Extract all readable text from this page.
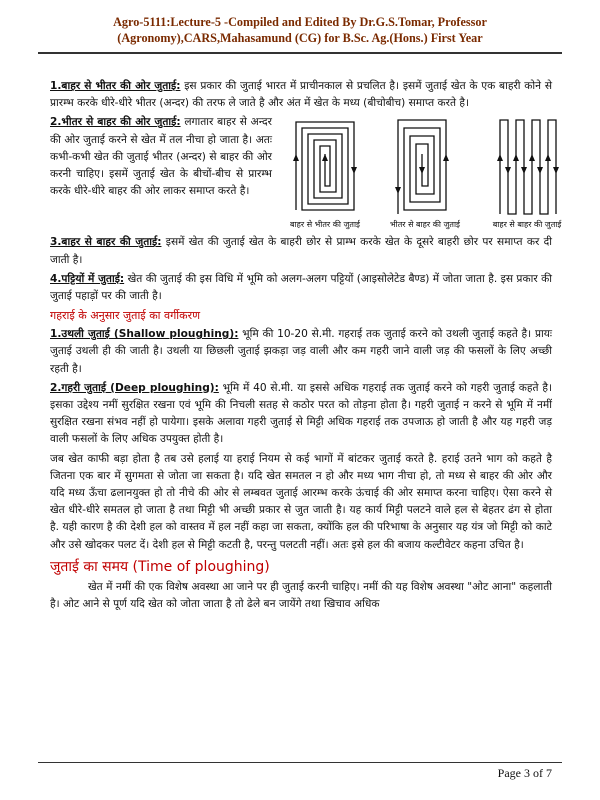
Agro-5111:Lecture-5 -Compiled and Edited By Dr.G.S.Tomar, Professor
(Agronomy),CARS,Mahasamund (CG) for B.Sc. Ag.(Hons.) First Year

1.बाहर से भीतर की ओर जुताई: इस प्रकार की जुताई भारत में प्राचीनकाल से प्रचलित है। इसमें जुताई खेत के एक बाहरी कोने से प्रारम्भ करके धीरे-धीरे भीतर (अन्दर) की तरफ ले जाते है और अंत में खेत के मध्य (बीचोबीच) समाप्त करते है।

2.भीतर से बाहर की ओर जुताई: लगातार बाहर से अन्दर की ओर जुताई करने से खेत में तल नीचा हो जाता है। अतः कभी-कभी खेत की जुताई भीतर (अन्दर) से बाहर की ओर करनी चाहिए। इसमें जुताई खेत के बीचों-बीच से प्रारम्भ करके धीरे-धीरे बाहर की ओर लाकर समाप्त करते है।

बाहर से भीतर की जुताई	भीतर से बाहर की जुताई	बाहर से बाहर की जुताई

3.बाहर से बाहर की जुताई: इसमें खेत की जुताई खेत के बाहरी छोर से प्राम्भ करके खेत के दूसरे बाहरी छोर पर समाप्त कर दी जाती है।

4.पट्टियों में जुताई: खेत की जुताई की इस विधि में भूमि को अलग-अलग पट्टियों (आइसोलेटेड बैण्ड) में जोता जाता है. इस प्रकार की जुताई पहाड़ों पर की जाती है।

गहराई के अनुसार जुताई का वर्गीकरण

1.उथली जुताई (Shallow ploughing): भूमि की 10-20 से.मी. गहराई तक जुताई करने को उथली जुताई कहते है। प्रायः जुताई उथली ही की जाती है। उथली या छिछली जुताई झकड़ा जड़ वाली और कम गहरी जाने वाली जड़ की फसलों के लिए अच्छी रहती है।

2.गहरी जुताई (Deep ploughing): भूमि में 40 से.मी. या इससे अधिक गहराई तक जुताई करने को गहरी जुताई कहते है। इसका उद्देश्य नमीं सुरक्षित रखना एवं भूमि की निचली सतह से कठोर परत को तोड़ना होता है। गहरी जुताई न करने से भूमि में नमीं सुरक्षित रखना संभव नहीं हो पायेगा। इसके अलावा गहरी जुताई से मिट्टी अधिक गहराई तक उपजाऊ हो जाती है और यह गहरी जड़ वाली फसलों के लिए अधिक उपयुक्त होती है।

जब खेत काफी बड़ा होता है तब उसे हलाई या हराई नियम से कई भागों में बांटकर जुताई करते है. हराई उतने भाग को कहते है जितना एक बार में सुगमता से जोता जा सकता है। यदि खेत समतल न हो और मध्य भाग नीचा हो, तो मध्य से बाहर की ओर और यदि मध्य ऊँचा ढलानयुक्त हो तो नीचे की ओर से लम्बवत जुताई आरम्भ करके ऊंचाई की ओर समाप्त करना चाहिए। ऐसा करने से खेत धीरे-धीरे समतल हो जाता है तथा मिट्टी भी अच्छी प्रकार से जुत जाती है। यह कार्य मिट्टी पलटने वाले हल से बेहतर ढंग से होता है. यही कारण है की देशी हल को वास्तव में हल नहीं कहा जा सकता, क्योंकि हल की परिभाषा के अनुसार यह यंत्र जो मिट्टी को काटे और उसे खोदकर पलट दें। देशी हल से मिट्टी कटती है, परन्तु पलटती नहीं। अतः इसे हल की बजाय कल्टीवेटर कहना उचित है।

जुताई का समय (Time of ploughing)

खेत में नमीं की एक विशेष अवस्था आ जाने पर ही जुताई करनी चाहिए। नमीं की यह विशेष अवस्था "ओट आना" कहलाती है। ओट आने से पूर्ण यदि खेत को जोता जाता है तो ढेले बन जायेंगे तथा खिचाव अधिक

Page 3 of 7
